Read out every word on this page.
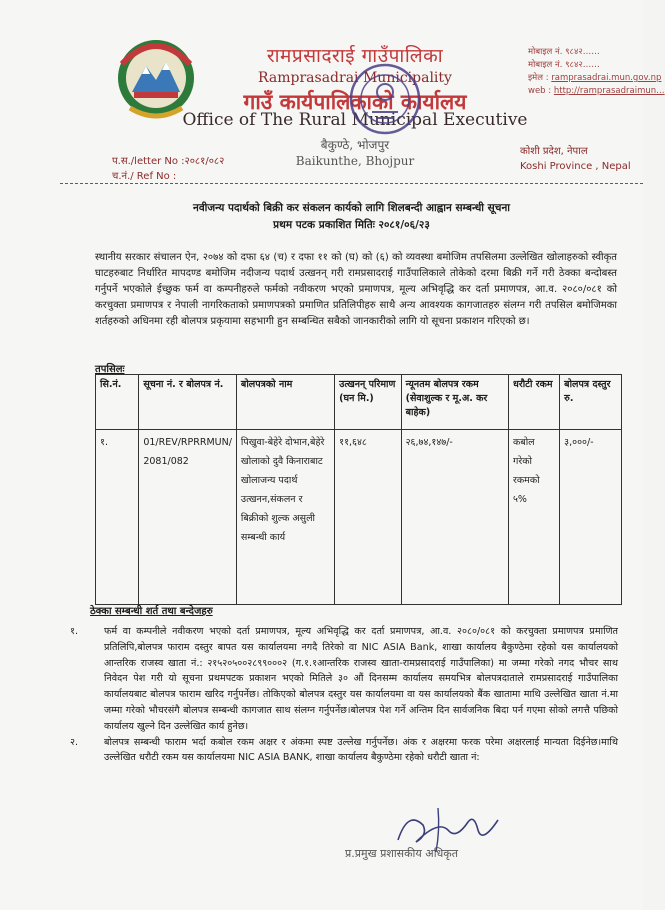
रामप्रसादराई गाउँपालिका
Ramprasadrai Municipality
गाउँ कार्यपालिकाको कार्यालय
Office of The Rural Municipal Executive
बैकुण्ठे, भोजपुर
Baikunthe, Bhojpur
मोबाइल नं. ९८४२……
मोबाइल नं. ९८४२……
इमेल : ramprasadrai.mun.gov.np
web : http://ramprasadraimun…
कोशी प्रदेश, नेपाल
Koshi Province , Nepal
प.स./letter No :२०८१/०८२
च.नं./ Ref No :
नवीजन्य पदार्थको बिक्री कर संकलन कार्यको लागि शिलबन्दी आह्वान सम्बन्धी सूचना
प्रथम पटक प्रकाशित मितिः २०८१/०६/२३
स्थानीय सरकार संचालन ऐन, २०७४ को दफा ६४ (च) र दफा ११ को (घ) को (६) को व्यवस्था बमोजिम तपसिलमा उल्लेखित खोलाहरुको स्वीकृत घाटहरुबाट निर्धारित मापदण्ड बमोजिम नदीजन्य पदार्थ उत्खनन् गरी रामप्रसादराई गाउँपालिकाले तोकेको दरमा बिक्री गर्ने गरी ठेक्का बन्दोबस्त गर्नुपर्ने भएकोले ईच्छुक फर्म वा कम्पनीहरुले फर्मको नवीकरण भएको प्रमाणपत्र, मूल्य अभिवृद्धि कर दर्ता प्रमाणपत्र, आ.व. २०८०/०८१ को करचुक्ता प्रमाणपत्र र नेपाली नागरिकताको प्रमाणपत्रको प्रमाणित प्रतिलिपीहरु साथै अन्य आवश्यक कागजातहरु संलग्न गरी तपसिल बमोजिमका शर्तहरुको अधिनमा रही बोलपत्र प्रकृयामा सहभागी हुन सम्बन्धित सबैको जानकारीको लागि यो सूचना प्रकाशन गरिएको छ।
तपसिलः
सि.नं.	सूचना नं. र बोलपत्र नं.	बोलपत्रको नाम	उत्खनन् परिमाण (घन मि.)	न्यूनतम बोलपत्र रकम (सेवाशुल्क र मू.अ. कर बाहेक)	धरौटी रकम	बोलपत्र दस्तुर रु.
१.	01/REV/RPRRMUN/ 2081/082	पिखुवा-बेहेरे दोभान,बेहेरे खोलाको दुवै किनाराबाट खोलाजन्य पदार्थ उत्खनन,संकलन र बिक्रीको शुल्क असुली सम्बन्धी कार्य	११,६४८	२६,७४,१४७/-	कबोल गरेको रकमको ५%	३,०००/-
ठेक्का सम्बन्धी शर्त तथा बन्देजहरु
१.	फर्म वा कम्पनीले नवीकरण भएको दर्ता प्रमाणपत्र, मूल्य अभिवृद्धि कर दर्ता प्रमाणपत्र, आ.व. २०८०/०८१ को करचुक्ता प्रमाणपत्र प्रमाणित प्रतिलिपि,बोलपत्र फाराम दस्तुर बापत यस कार्यालयमा नगदै तिरेको वा NIC ASIA Bank, शाखा कार्यालय बैकुण्ठेमा रहेको यस कार्यालयको आन्तरिक राजस्व खाता नं.: २१५२०५००२८९९०००२ (ग.१.१आन्तरिक राजस्व खाता-रामप्रसादराई गाउँपालिका) मा जम्मा गरेको नगद भौचर साथ निवेदन पेश गरी यो सूचना प्रथमपटक प्रकाशन भएको मितिले ३० औं दिनसम्म कार्यालय समयभित्र बोलपत्रदाताले रामप्रसादराई गाउँपालिका कार्यालयबाट बोलपत्र फाराम खरिद गर्नुपर्नेछ। तोकिएको बोलपत्र दस्तुर यस कार्यालयमा वा यस कार्यालयको बैंक खातामा माथि उल्लेखित खाता नं.मा जम्मा गरेको भौचरसंगै बोलपत्र सम्बन्धी कागजात साथ संलग्न गर्नुपर्नेछ।बोलपत्र पेश गर्ने अन्तिम दिन सार्वजनिक बिदा पर्न गएमा सोको लगत्तै पछिको कार्यालय खुल्ने दिन उल्लेखित कार्य हुनेछ।
२.	बोलपत्र सम्बन्धी फाराम भर्दा कबोल रकम अक्षर र अंकमा स्पष्ट उल्लेख गर्नुपर्नेछ। अंक र अक्षरमा फरक परेमा अक्षरलाई मान्यता दिईनेछ।माथि उल्लेखित धरौटी रकम यस कार्यालयमा NIC ASIA BANK, शाखा कार्यालय बैकुण्ठेमा रहेको धरौटी खाता नं:
प्र.प्रमुख प्रशासकीय अधिकृत
